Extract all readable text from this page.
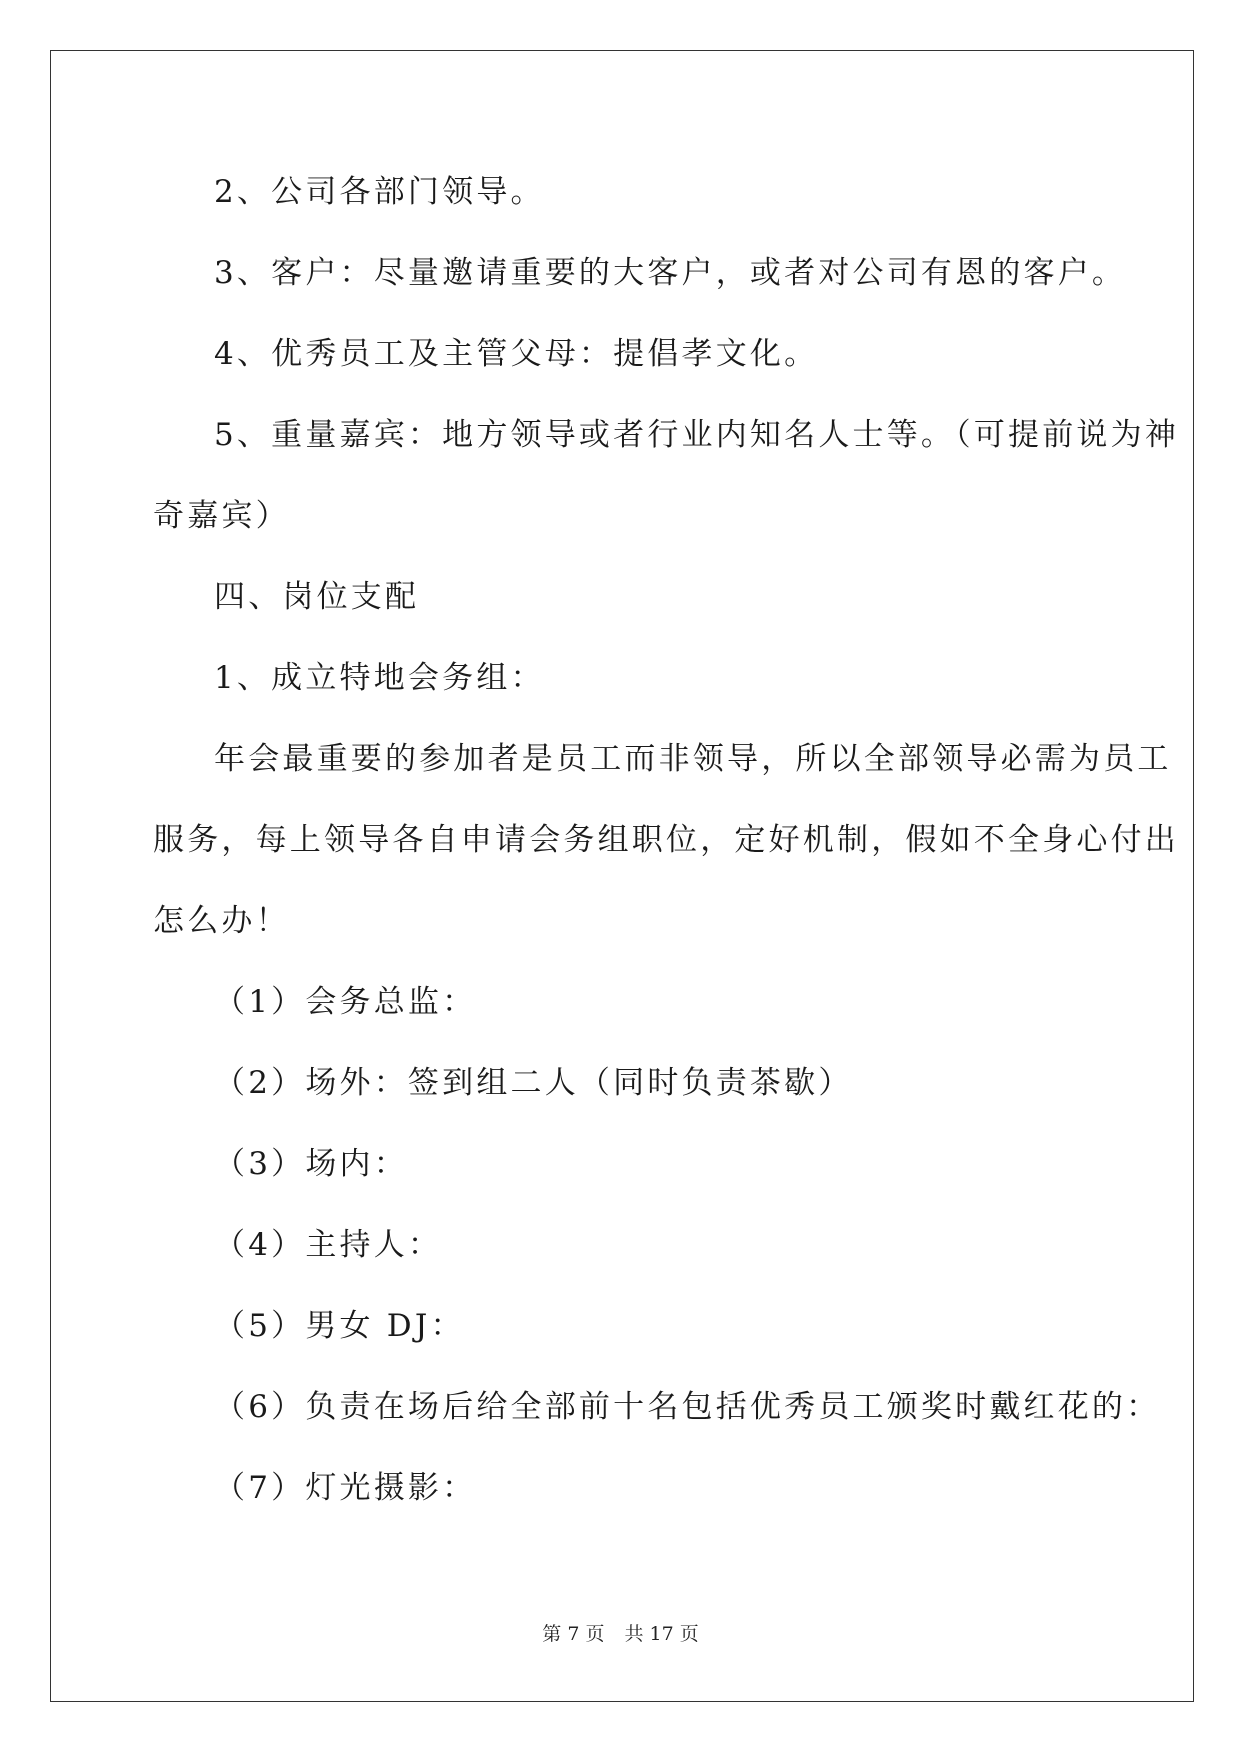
2、公司各部门领导。
3、客户：尽量邀请重要的大客户，或者对公司有恩的客户。
4、优秀员工及主管父母：提倡孝文化。
5、重量嘉宾：地方领导或者行业内知名人士等。（可提前说为神
奇嘉宾）
四、岗位支配
1、成立特地会务组：
年会最重要的参加者是员工而非领导，所以全部领导必需为员工
服务，每上领导各自申请会务组职位，定好机制，假如不全身心付出
怎么办！
（1）会务总监：
（2）场外：签到组二人（同时负责茶歇）
（3）场内：
（4）主持人：
（5）男女 DJ：
（6）负责在场后给全部前十名包括优秀员工颁奖时戴红花的：
（7）灯光摄影：
第 7 页 共 17 页
